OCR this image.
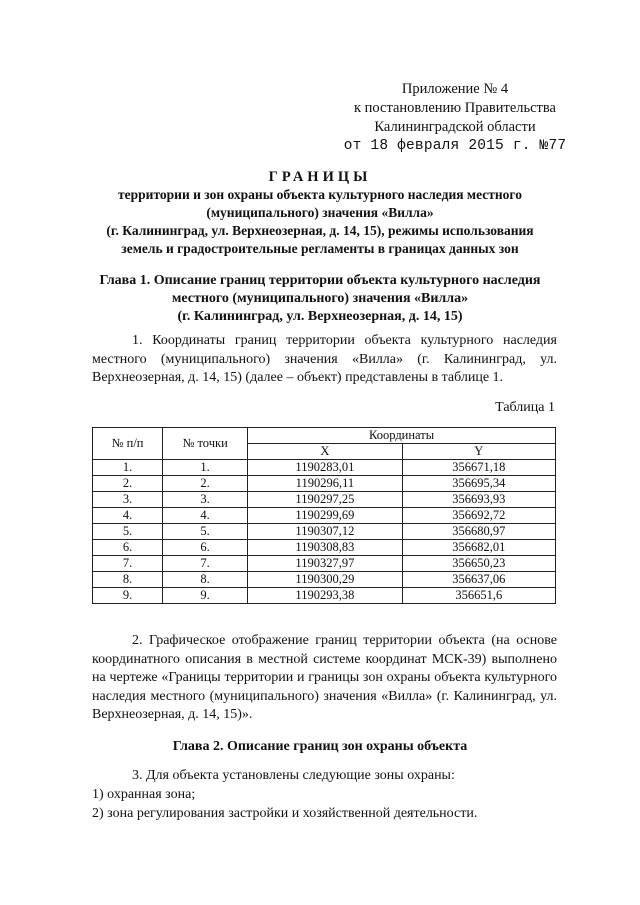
Приложение № 4
к постановлению Правительства
Калининградской области
от 18 февраля 2015 г. №77
ГРАНИЦЫ
территории и зон охраны объекта культурного наследия местного
(муниципального) значения «Вилла»
(г. Калининград, ул. Верхнеозерная, д. 14, 15), режимы использования
земель и градостроительные регламенты в границах данных зон
Глава 1. Описание границ территории объекта культурного наследия
местного (муниципального) значения «Вилла»
(г. Калининград, ул. Верхнеозерная, д. 14, 15)
1. Координаты границ территории объекта культурного наследия местного (муниципального) значения «Вилла» (г. Калининград, ул. Верхнеозерная, д. 14, 15) (далее – объект) представлены в таблице 1.
Таблица 1
№ п/п	№ точки	Координаты	
		X	Y
1.	1.	1190283,01	356671,18
2.	2.	1190296,11	356695,34
3.	3.	1190297,25	356693,93
4.	4.	1190299,69	356692,72
5.	5.	1190307,12	356680,97
6.	6.	1190308,83	356682,01
7.	7.	1190327,97	356650,23
8.	8.	1190300,29	356637,06
9.	9.	1190293,38	356651,6
2. Графическое отображение границ территории объекта (на основе координатного описания в местной системе координат МСК-39) выполнено на чертеже «Границы территории и границы зон охраны объекта культурного наследия местного (муниципального) значения «Вилла» (г. Калининград, ул. Верхнеозерная, д. 14, 15)».
Глава 2. Описание границ зон охраны объекта
3. Для объекта установлены следующие зоны охраны:
1) охранная зона;
2) зона регулирования застройки и хозяйственной деятельности.
